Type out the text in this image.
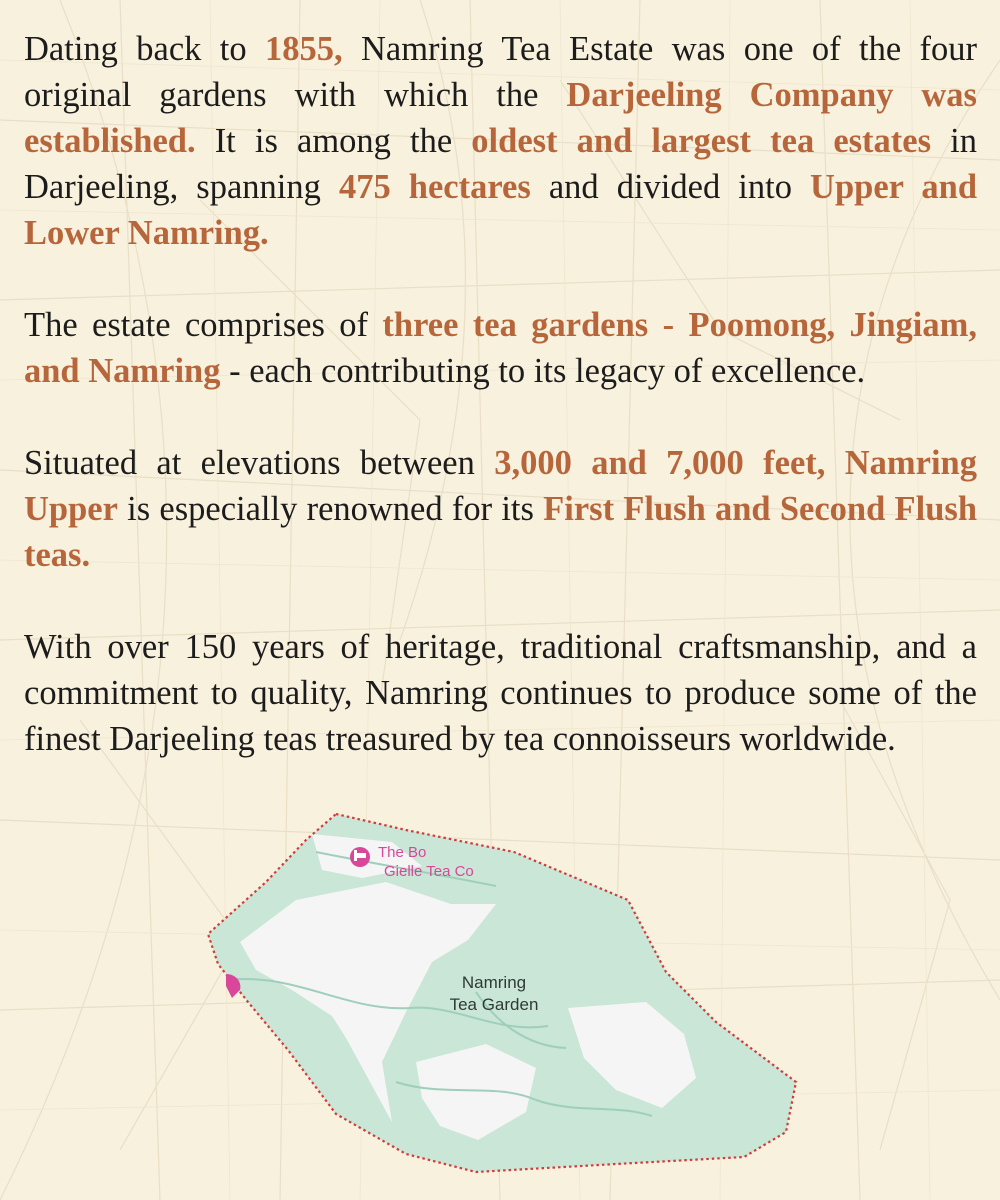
Dating back to 1855, Namring Tea Estate was one of the four original gardens with which the Darjeeling Company was established. It is among the oldest and largest tea estates in Darjeeling, spanning 475 hectares and divided into Upper and Lower Namring.

The estate comprises of three tea gardens - Poomong, Jingiam, and Namring - each contributing to its legacy of excellence.

Situated at elevations between 3,000 and 7,000 feet, Namring Upper is especially renowned for its First Flush and Second Flush teas.

With over 150 years of heritage, traditional craftsmanship, and a commitment to quality, Namring continues to produce some of the finest Darjeeling teas treasured by tea connoisseurs worldwide.

The Bo
Gielle Tea Co
Namring
Tea Garden
